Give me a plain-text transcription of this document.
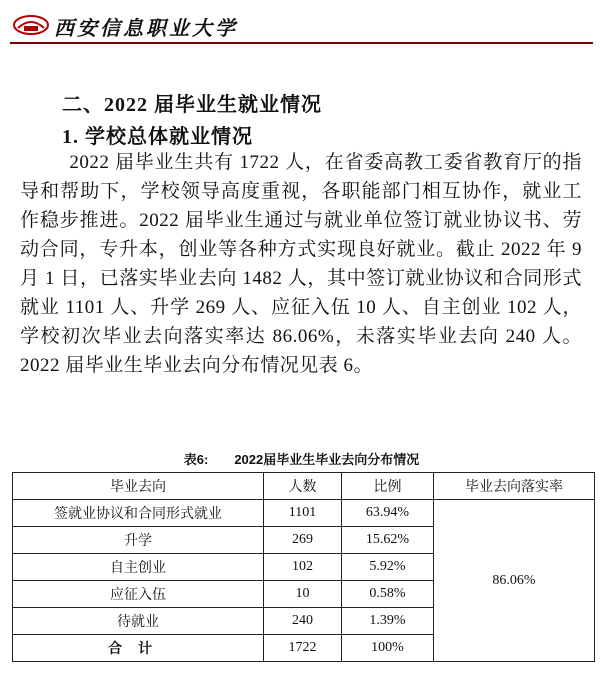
西安信息职业大学
二、2022 届毕业生就业情况
1. 学校总体就业情况
2022 届毕业生共有 1722 人，在省委高教工委省教育厅的指导和帮助下，学校领导高度重视，各职能部门相互协作，就业工作稳步推进。2022 届毕业生通过与就业单位签订就业协议书、劳动合同，专升本，创业等各种方式实现良好就业。截止 2022 年 9 月 1 日，已落实毕业去向 1482 人，其中签订就业协议和合同形式就业 1101 人、升学 269 人、应征入伍 10 人、自主创业 102 人，学校初次毕业去向落实率达 86.06%，未落实毕业去向 240 人。2022 届毕业生毕业去向分布情况见表 6。
表6: 2022届毕业生毕业去向分布情况
毕业去向	人数	比例	毕业去向落实率
签就业协议和合同形式就业	1101	63.94%	86.06%
升学	269	15.62%	
自主创业	102	5.92%	
应征入伍	10	0.58%	
待就业	240	1.39%	
合计	1722	100%	
